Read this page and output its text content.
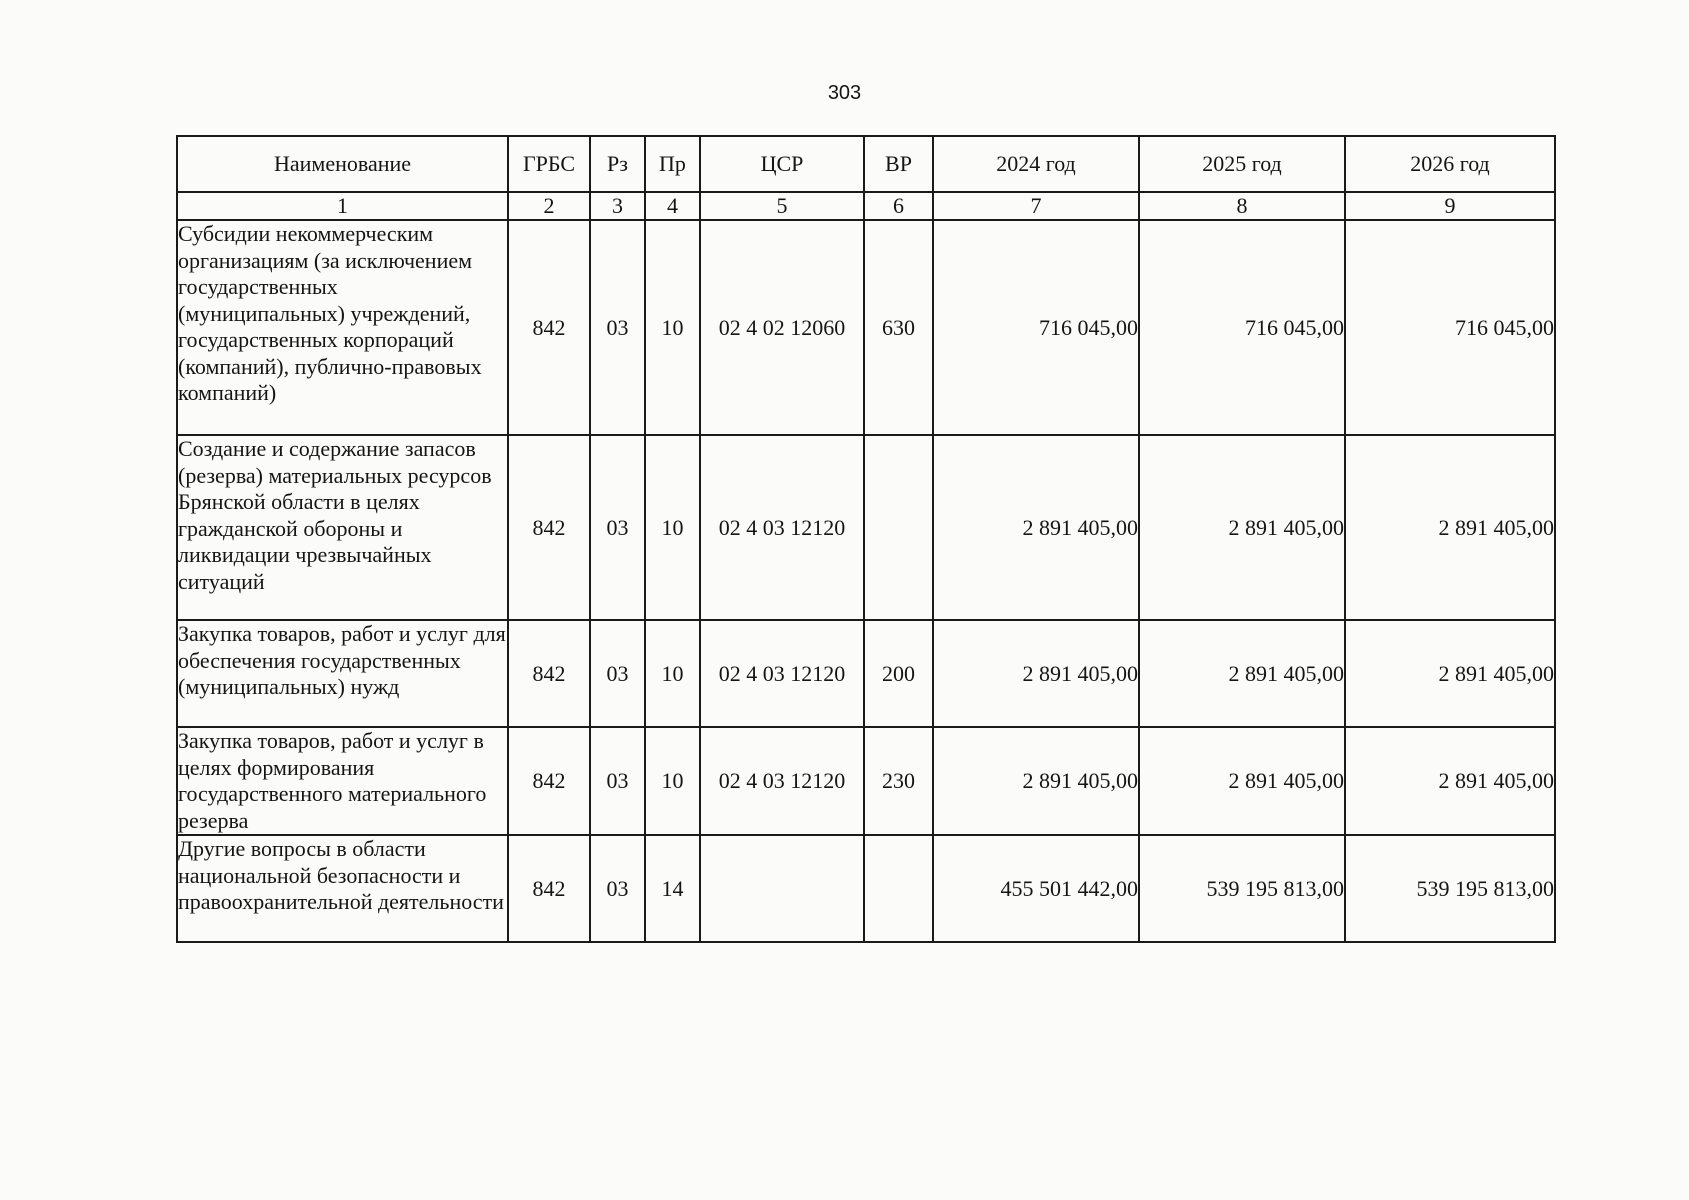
303
Наименование	ГРБС	Рз	Пр	ЦСР	ВР	2024 год	2025 год	2026 год
1	2	3	4	5	6	7	8	9
Субсидии некоммерческим организациям (за исключением государственных (муниципальных) учреждений, государственных корпораций (компаний), публично-правовых компаний)	842	03	10	02 4 02 12060	630	716 045,00	716 045,00	716 045,00
Создание и содержание запасов (резерва) материальных ресурсов Брянской области в целях гражданской обороны и ликвидации чрезвычайных ситуаций	842	03	10	02 4 03 12120		2 891 405,00	2 891 405,00	2 891 405,00
Закупка товаров, работ и услуг для обеспечения государственных (муниципальных) нужд	842	03	10	02 4 03 12120	200	2 891 405,00	2 891 405,00	2 891 405,00
Закупка товаров, работ и услуг в целях формирования государственного материального резерва	842	03	10	02 4 03 12120	230	2 891 405,00	2 891 405,00	2 891 405,00
Другие вопросы в области национальной безопасности и правоохранительной деятельности	842	03	14			455 501 442,00	539 195 813,00	539 195 813,00
